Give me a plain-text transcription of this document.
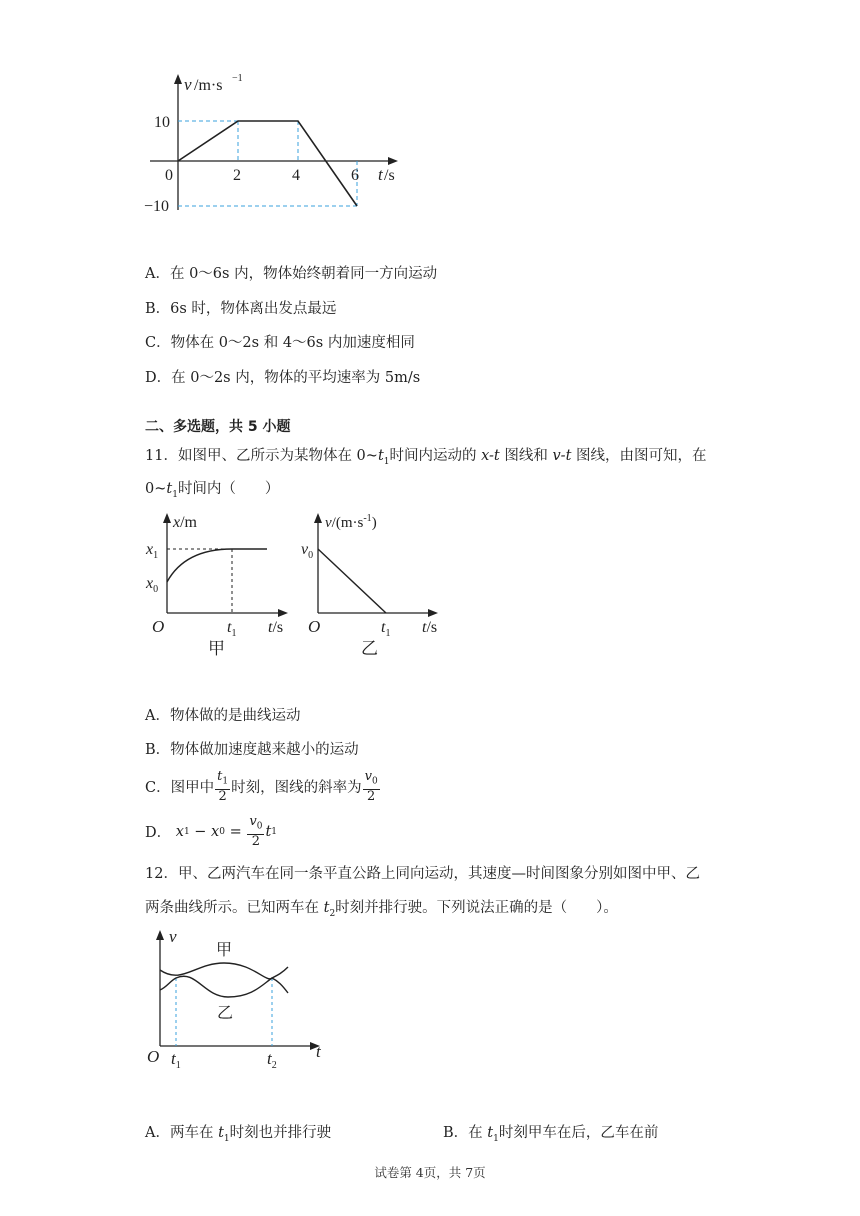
v /m·s −1
10
−10
0	2	4	6 t /s
A．在 0～6s 内，物体始终朝着同一方向运动
B．6s 时，物体离出发点最远
C．物体在 0～2s 和 4～6s 内加速度相同
D．在 0～2s 内，物体的平均速率为 5m/s
二、多选题，共 5 小题
11．如图甲、乙所示为某物体在 $0\sim t_1$时间内运动的 x-t 图线和 v-t 图线，由图可知，在
$0\sim t_1$时间内（　　）
x/m
$x_1$
$x_0$
O	$t_1$ t/s
甲
$v/(m\cdot s^{-1})$
$v_0$
O	$t_1$ t/s
乙
A．物体做的是曲线运动
B．物体做加速度越来越小的运动
C．图甲中 $\frac{t_1}{2}$ 时刻，图线的斜率为 $\frac{v_0}{2}$
D．
x 1 − x $0 = \frac{v_0}{2}$ t 1
12．甲、乙两汽车在同一条平直公路上同向运动，其速度—时间图象分别如图中甲、乙
两条曲线所示。已知两车在 $t_2$时刻并排行驶。下列说法正确的是（　　）。
v
甲
乙
O $t_1$	$t_2$
t
A．两车在 $t_1$时刻也并排行驶	B．在 $t_1$时刻甲车在后，乙车在前
试卷第 4页，共 7页
